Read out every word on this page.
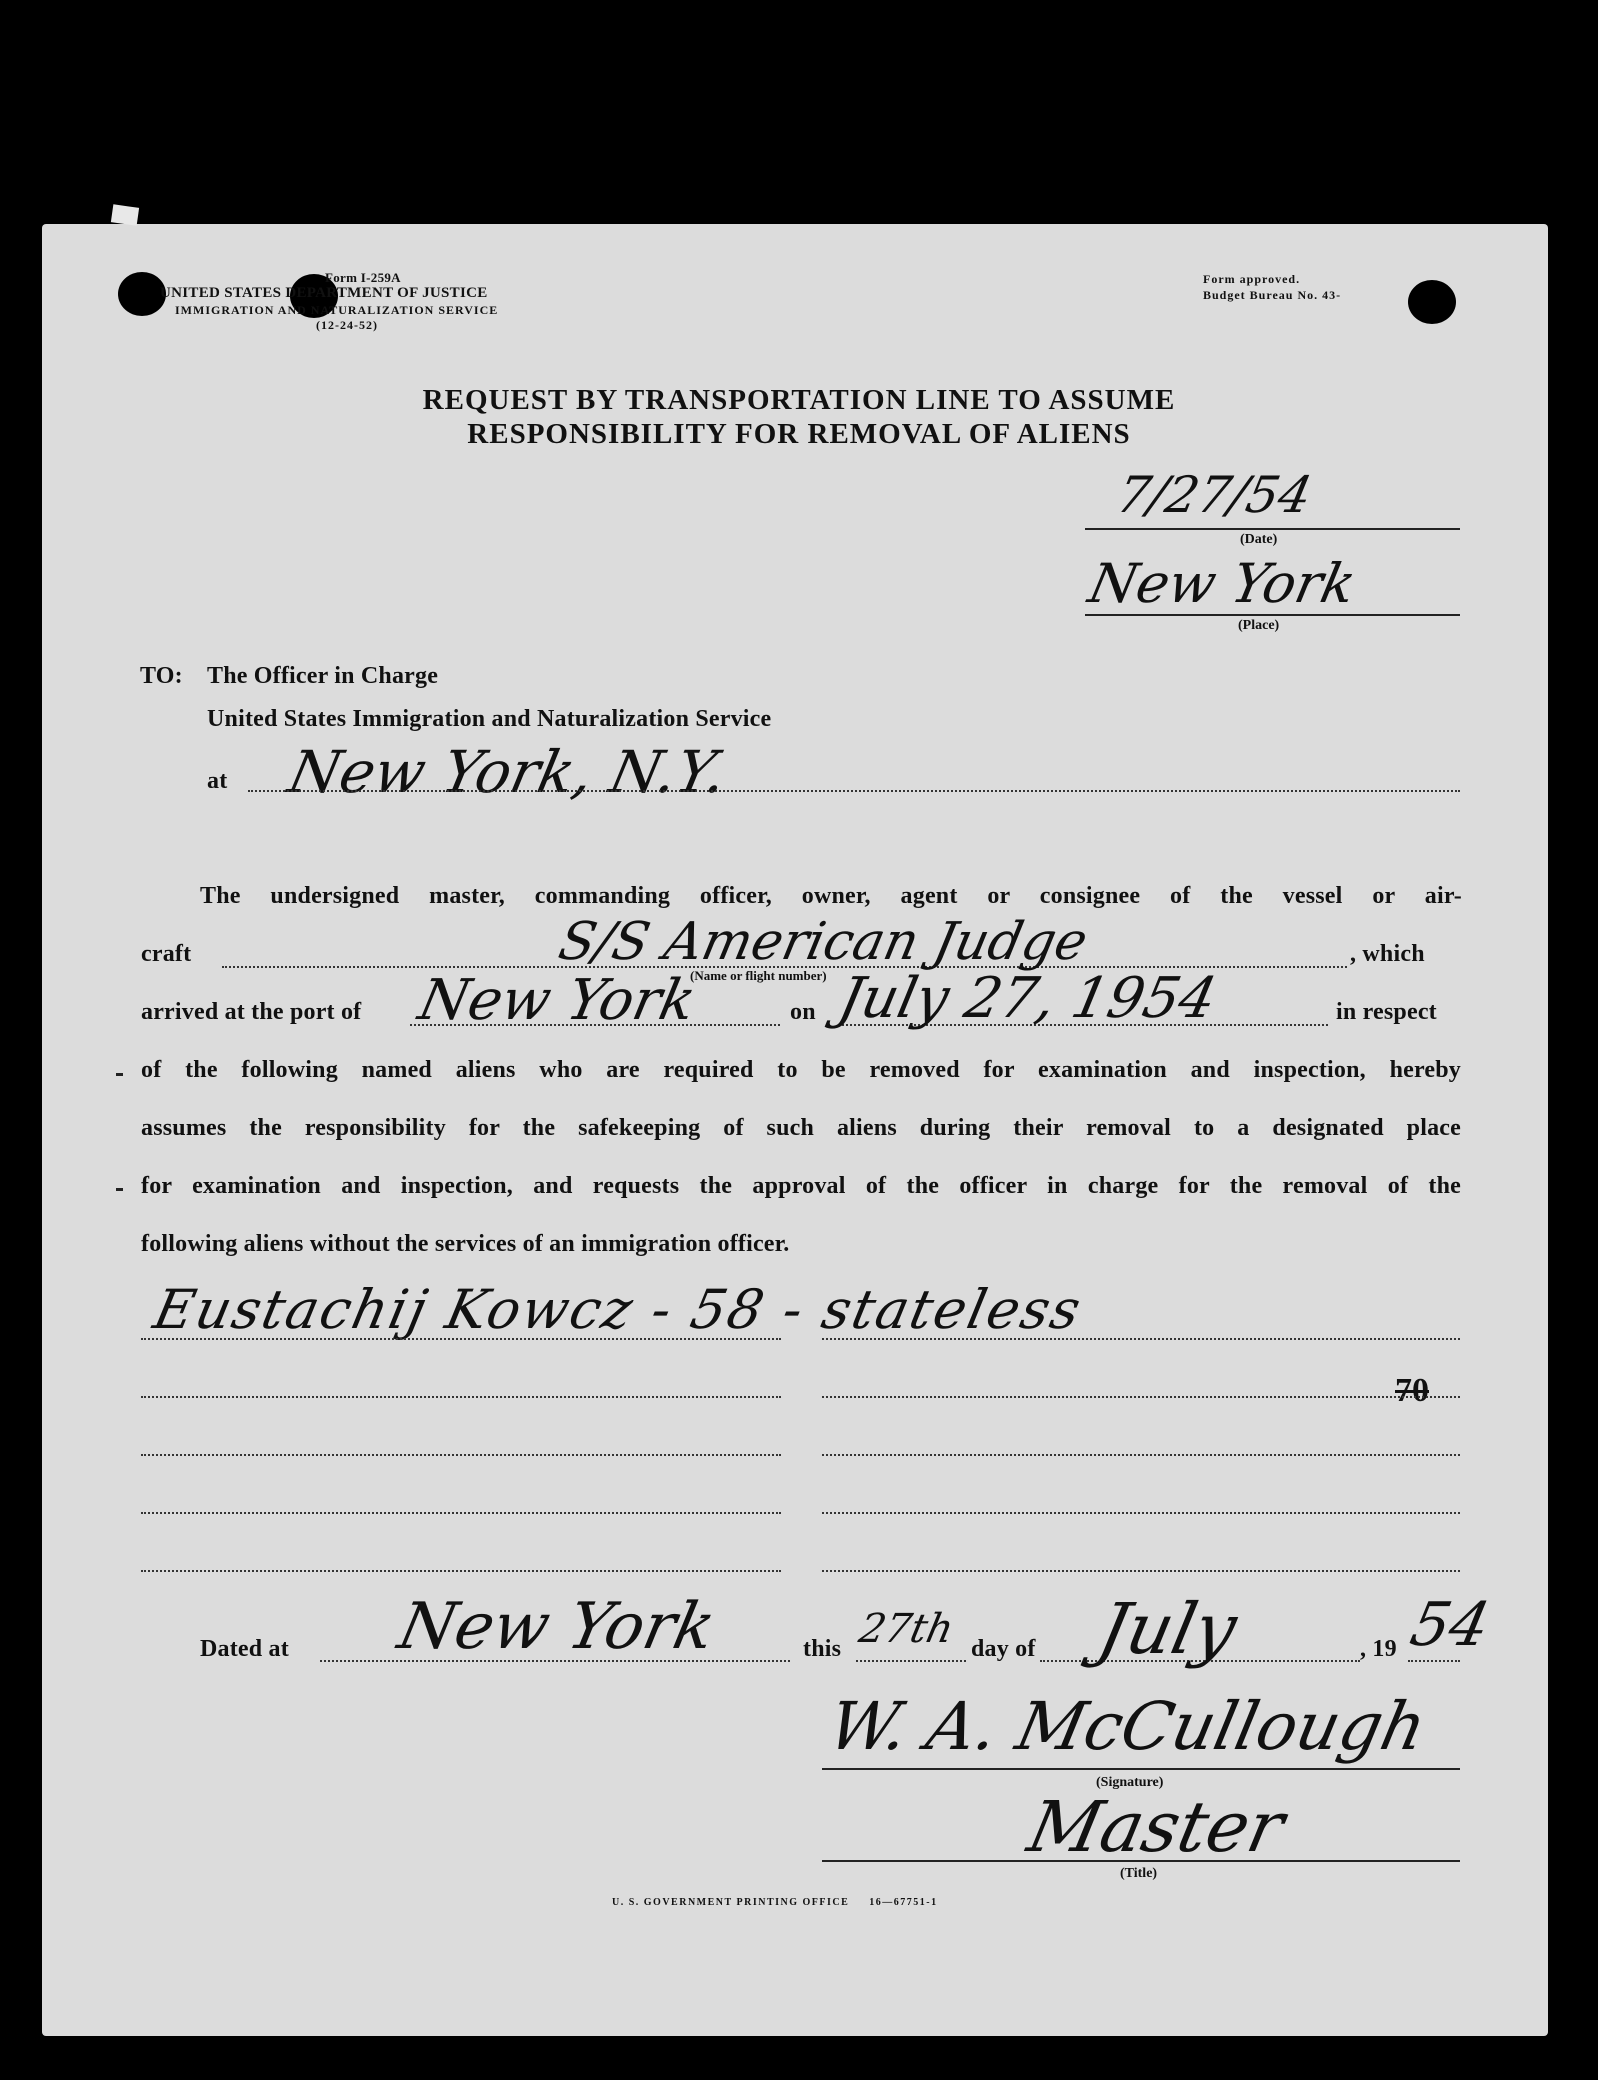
Form I-259A
UNITED STATES DEPARTMENT OF JUSTICE
IMMIGRATION AND NATURALIZATION SERVICE
(12-24-52)
Form approved.
Budget Bureau No. 43-
REQUEST BY TRANSPORTATION LINE TO ASSUME
RESPONSIBILITY FOR REMOVAL OF ALIENS
7/27/54
(Date)
New York
(Place)
TO: The Officer in Charge
United States Immigration and Naturalization Service
at New York, N.Y.
The undersigned master, commanding officer, owner, agent or consignee of the vessel or air-
craft	S/S American Judge	, which
(Name or flight number)
arrived at the port of New York	on July 27, 1954	in respect
of the following named aliens who are required to be removed for examination and inspection, hereby
assumes the responsibility for the safekeeping of such aliens during their removal to a designated place
for examination and inspection, and requests the approval of the officer in charge for the removal of the
following aliens without the services of an immigration officer.
Eustachij Kowcz - 58 - stateless
70
Dated at New York	this 27th day of July	, 19 54
W. A. McCullough
(Signature)
Master
(Title)
U. S. GOVERNMENT PRINTING OFFICE     16—67751-1
